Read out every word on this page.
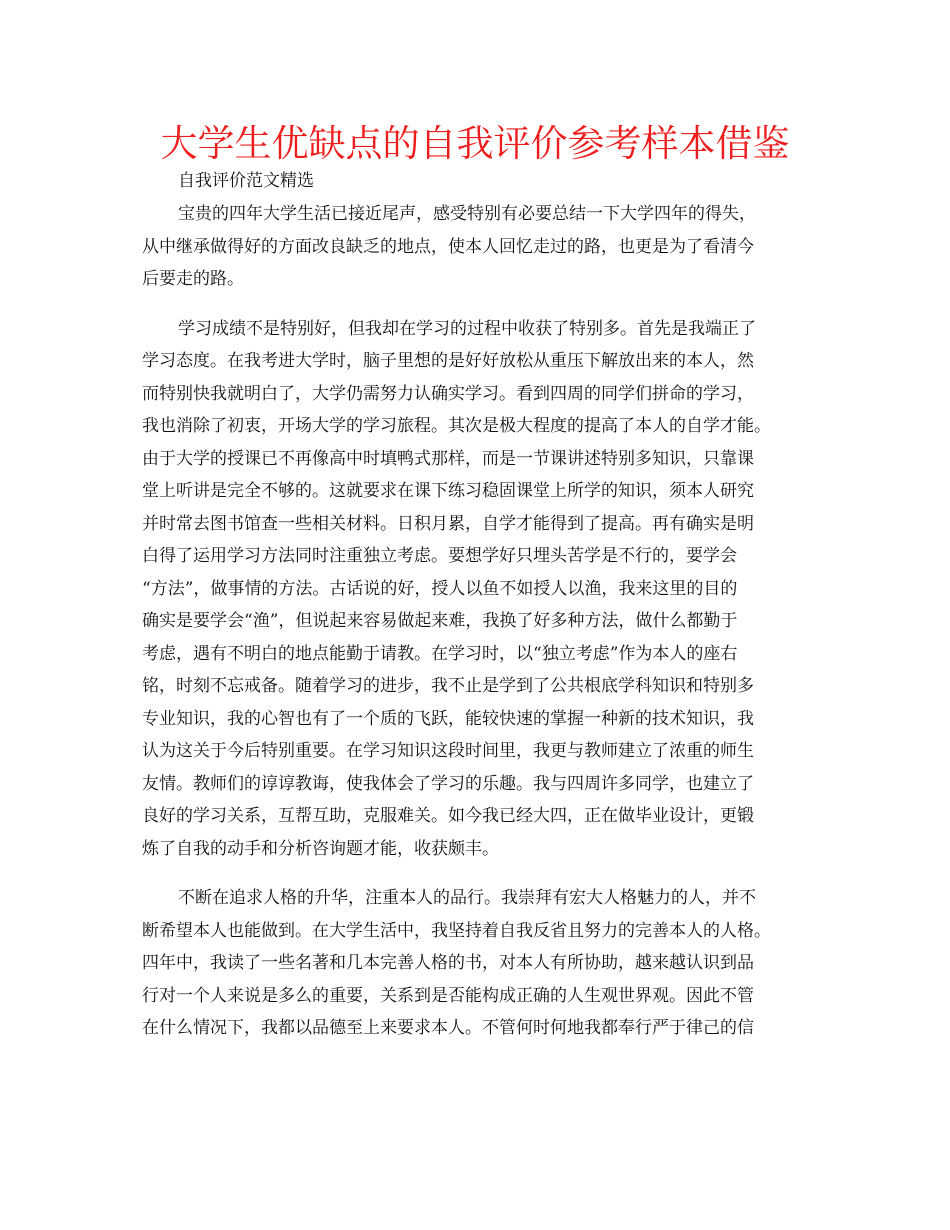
大学生优缺点的自我评价参考样本借鉴
自我评价范文精选
宝贵的四年大学生活已接近尾声，感受特别有必要总结一下大学四年的得失，
从中继承做得好的方面改良缺乏的地点，使本人回忆走过的路，也更是为了看清今
后要走的路。
学习成绩不是特别好，但我却在学习的过程中收获了特别多。首先是我端正了
学习态度。在我考进大学时，脑子里想的是好好放松从重压下解放出来的本人，然
而特别快我就明白了，大学仍需努力认确实学习。看到四周的同学们拼命的学习，
我也消除了初衷，开场大学的学习旅程。其次是极大程度的提高了本人的自学才能。
由于大学的授课已不再像高中时填鸭式那样，而是一节课讲述特别多知识，只靠课
堂上听讲是完全不够的。这就要求在课下练习稳固课堂上所学的知识，须本人研究
并时常去图书馆查一些相关材料。日积月累，自学才能得到了提高。再有确实是明
白得了运用学习方法同时注重独立考虑。要想学好只埋头苦学是不行的，要学会
“方法”，做事情的方法。古话说的好，授人以鱼不如授人以渔，我来这里的目的
确实是要学会“渔”，但说起来容易做起来难，我换了好多种方法，做什么都勤于
考虑，遇有不明白的地点能勤于请教。在学习时，以“独立考虑”作为本人的座右
铭，时刻不忘戒备。随着学习的进步，我不止是学到了公共根底学科知识和特别多
专业知识，我的心智也有了一个质的飞跃，能较快速的掌握一种新的技术知识，我
认为这关于今后特别重要。在学习知识这段时间里，我更与教师建立了浓重的师生
友情。教师们的谆谆教诲，使我体会了学习的乐趣。我与四周许多同学，也建立了
良好的学习关系，互帮互助，克服难关。如今我已经大四，正在做毕业设计，更锻
炼了自我的动手和分析咨询题才能，收获颇丰。
不断在追求人格的升华，注重本人的品行。我崇拜有宏大人格魅力的人，并不
断希望本人也能做到。在大学生活中，我坚持着自我反省且努力的完善本人的人格。
四年中，我读了一些名著和几本完善人格的书，对本人有所协助，越来越认识到品
行对一个人来说是多么的重要，关系到是否能构成正确的人生观世界观。因此不管
在什么情况下，我都以品德至上来要求本人。不管何时何地我都奉行严于律己的信
